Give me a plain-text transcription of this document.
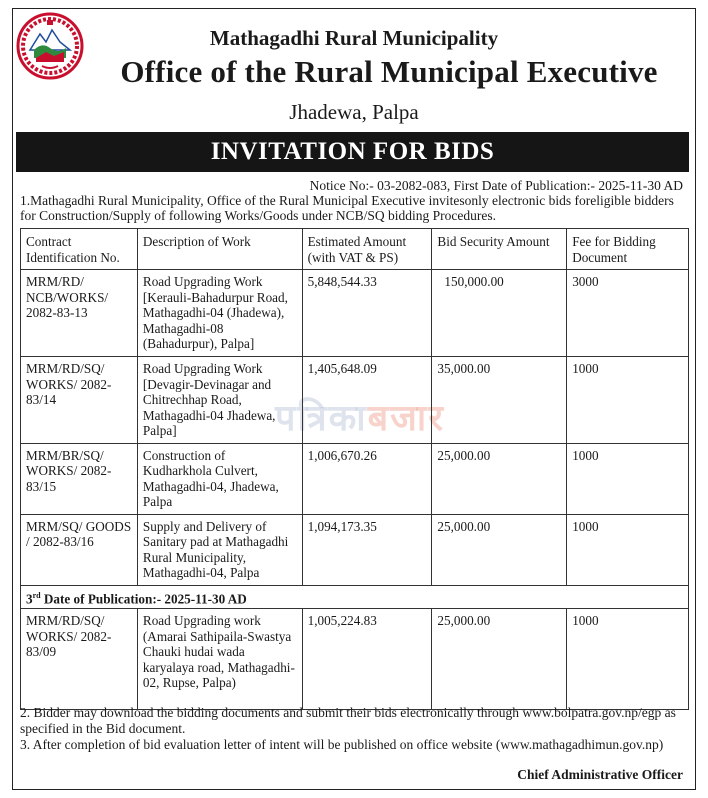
Mathagadhi Rural Municipality
Office of the Rural Municipal Executive
Jhadewa, Palpa
INVITATION FOR BIDS
Notice No:- 03-2082-083, First Date of Publication:- 2025-11-30 AD
1.Mathagadhi Rural Municipality, Office of the Rural Municipal Executive invitesonly electronic bids foreligible bidders for Construction/Supply of following Works/Goods under NCB/SQ bidding Procedures.
पत्रिकाबजार
Contract Identification No.	Description of Work	Estimated Amount (with VAT & PS)	Bid Security Amount	Fee for Bidding Document
MRM/RD/ NCB/WORKS/ 2082-83-13	Road Upgrading Work [Kerauli-Bahadurpur Road, Mathagadhi-04 (Jhadewa), Mathagadhi-08 (Bahadurpur), Palpa]	5,848,544.33	150,000.00	3000
MRM/RD/SQ/ WORKS/ 2082-83/14	Road Upgrading Work [Devagir-Devinagar and Chitrechhap Road, Mathagadhi-04 Jhadewa, Palpa]	1,405,648.09	35,000.00	1000
MRM/BR/SQ/ WORKS/ 2082-83/15	Construction of Kudharkhola Culvert, Mathagadhi-04, Jhadewa, Palpa	1,006,670.26	25,000.00	1000
MRM/SQ/ GOODS / 2082-83/16	Supply and Delivery of Sanitary pad at Mathagadhi Rural Municipality, Mathagadhi-04, Palpa	1,094,173.35	25,000.00	1000
3rd Date of Publication:- 2025-11-30 AD				
MRM/RD/SQ/ WORKS/ 2082-83/09	Road Upgrading work (Amarai Sathipaila-Swastya Chauki hudai wada karyalaya road, Mathagadhi-02, Rupse, Palpa)	1,005,224.83	25,000.00	1000
2. Bidder may download the bidding documents and submit their bids electronically through www.bolpatra.gov.np/egp as specified in the Bid document.
3. After completion of bid evaluation letter of intent will be published on office website (www.mathagadhimun.gov.np)
Chief Administrative Officer
